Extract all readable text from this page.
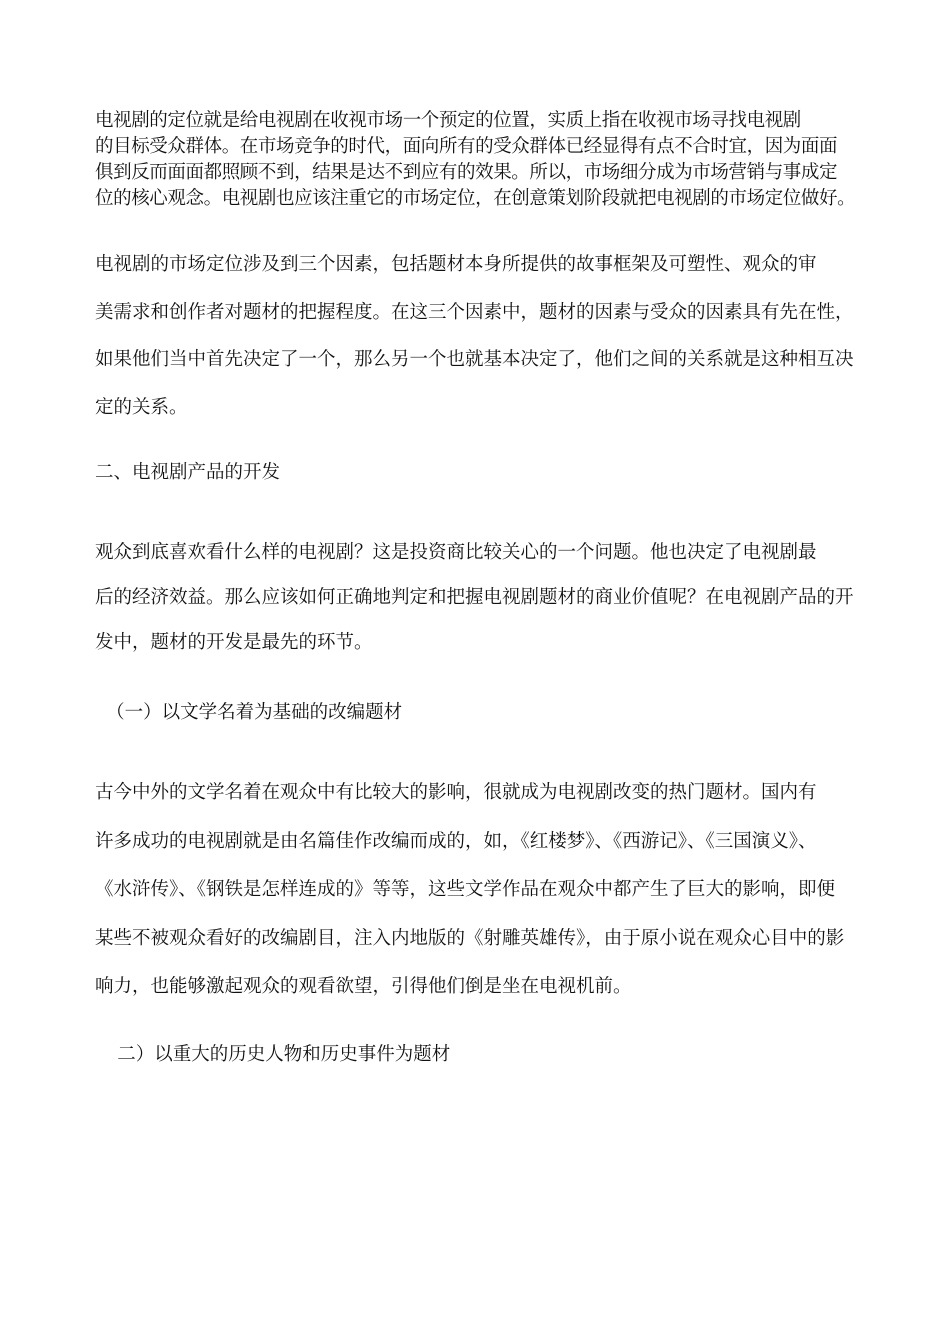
电视剧的定位就是给电视剧在收视市场一个预定的位置，实质上指在收视市场寻找电视剧
的目标受众群体。在市场竞争的时代，面向所有的受众群体已经显得有点不合时宜，因为面面
俱到反而面面都照顾不到，结果是达不到应有的效果。所以，市场细分成为市场营销与事成定
位的核心观念。电视剧也应该注重它的市场定位，在创意策划阶段就把电视剧的市场定位做好。

电视剧的市场定位涉及到三个因素，包括题材本身所提供的故事框架及可塑性、观众的审
美需求和创作者对题材的把握程度。在这三个因素中，题材的因素与受众的因素具有先在性，
如果他们当中首先决定了一个，那么另一个也就基本决定了，他们之间的关系就是这种相互决
定的关系。

二、电视剧产品的开发

观众到底喜欢看什么样的电视剧？这是投资商比较关心的一个问题。他也决定了电视剧最
后的经济效益。那么应该如何正确地判定和把握电视剧题材的商业价值呢？在电视剧产品的开
发中，题材的开发是最先的环节。

（一）以文学名着为基础的改编题材

古今中外的文学名着在观众中有比较大的影响，很就成为电视剧改变的热门题材。国内有
许多成功的电视剧就是由名篇佳作改编而成的，如，《红楼梦》、《西游记》、《三国演义》、
《水浒传》、《钢铁是怎样连成的》等等，这些文学作品在观众中都产生了巨大的影响，即便
某些不被观众看好的改编剧目，注入内地版的《射雕英雄传》，由于原小说在观众心目中的影
响力，也能够激起观众的观看欲望，引得他们倒是坐在电视机前。

二）以重大的历史人物和历史事件为题材
